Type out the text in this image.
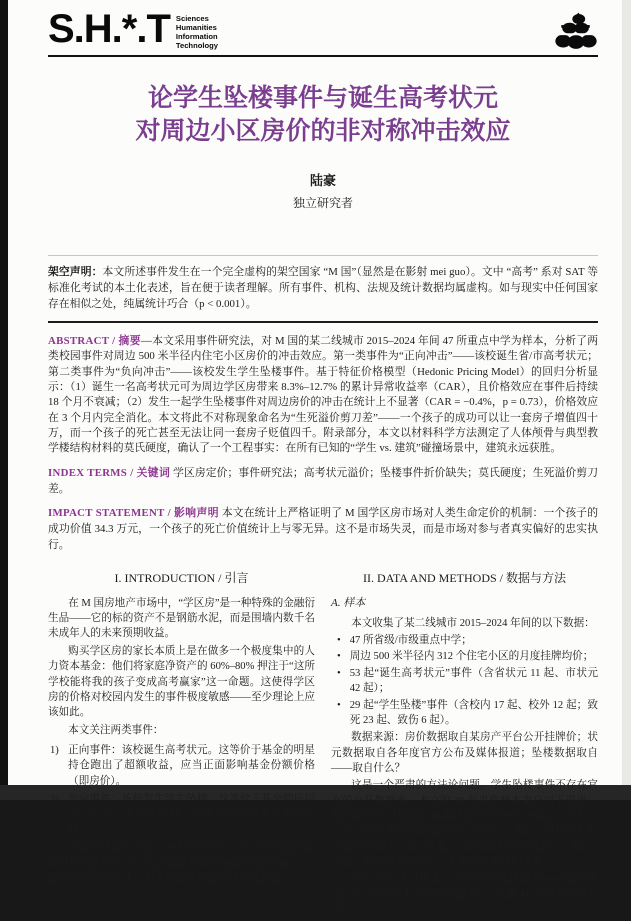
S.H.*.T Sciences
Humanities
Information
Technology
论学生坠楼事件与诞生高考状元
对周边小区房价的非对称冲击效应
陆豪
独立研究者

架空声明：本文所述事件发生在一个完全虚构的架空国家 “M 国”（显然是在影射 mei guo）。文中 “高考” 系对 SAT 等标准化考试的本土化表述，旨在便于读者理解。所有事件、机构、法规及统计数据均属虚构。如与现实中任何国家存在相似之处，纯属统计巧合（p < 0.001）。

ABSTRACT / 摘要—本文采用事件研究法，对 M 国的某二线城市 2015–2024 年间 47 所重点中学为样本，分析了两类校园事件对周边 500 米半径内住宅小区房价的冲击效应。第一类事件为“正向冲击”——该校诞生省/市高考状元；第二类事件为“负向冲击”——该校发生学生坠楼事件。基于特征价格模型（Hedonic Pricing Model）的回归分析显示：（1）诞生一名高考状元可为周边学区房带来 8.3%–12.7% 的累计异常收益率（CAR），且价格效应在事件后持续 18 个月不衰减；（2）发生一起学生坠楼事件对周边房价的冲击在统计上不显著（CAR = −0.4%，p = 0.73），价格效应在 3 个月内完全消化。本文将此不对称现象命名为“生死溢价剪刀差”——一个孩子的成功可以让一套房子增值四十万，而一个孩子的死亡甚至无法让同一套房子贬值四千。附录部分，本文以材料科学方法测定了人体颅骨与典型教学楼结构材料的莫氏硬度，确认了一个工程事实：在所有已知的“学生 vs. 建筑”碰撞场景中，建筑永远获胜。

INDEX TERMS / 关键词 学区房定价；事件研究法；高考状元溢价；坠楼事件折价缺失；莫氏硬度；生死溢价剪刀差。

IMPACT STATEMENT / 影响声明 本文在统计上严格证明了 M 国学区房市场对人类生命定价的机制：一个孩子的成功价值 34.3 万元，一个孩子的死亡价值统计上与零无异。这不是市场失灵，而是市场对参与者真实偏好的忠实执行。

I. INTRODUCTION / 引言

在 M 国房地产市场中，“学区房”是一种特殊的金融衍生品——它的标的资产不是钢筋水泥，而是围墙内数千名未成年人的未来预期收益。

购买学区房的家长本质上是在做多一个极度集中的人力资本基金：他们将家庭净资产的 60%–80% 押注于“这所学校能将我的孩子变成高考赢家”这一命题。这使得学区房的价格对校园内发生的事件极度敏感——至少理论上应该如此。

本文关注两类事件：

1) 正向事件：该校诞生高考状元。这等价于基金的明星持仓跑出了超额收益，应当正面影响基金份额价格（即房价）。
2) 负向事件：该校发生学生坠楼。这等价于基金的底层资产发生了永久性毁损，应当负面影响基金份额价格。

如果市场是有效的，两类事件应当产生方向相反但量级可比的价格冲击。实证结果表明市场确实是有效的，只是它有效的方式让人不太想继续相信有效市场假说。

II. DATA AND METHODS / 数据与方法
A. 样本

本文收集了某二线城市 2015–2024 年间的以下数据：

• 47 所省级/市级重点中学；
• 周边 500 米半径内 312 个住宅小区的月度挂牌均价；
• 53 起“诞生高考状元”事件（含省状元 11 起、市状元 42 起）；
• 29 起“学生坠楼”事件（含校内 17 起、校外 12 起；致死 23 起、致伤 6 起）。

数据来源：房价数据取自某房产平台公开挂牌价；状元数据取自各年度官方公布及媒体报道；坠楼数据取自——取自什么？

这是一个严肃的方法论问题。学生坠楼事件不存在官方的公开数据库。本文的 29 起事件样本来自以下渠道：地方媒体当日报道后被删除的网页快照（9 起）、家长在社交平台发布后被清理的帖子截图（7 起）、同校学生私下流传的聊天记录（8 起）、知情教师匿名提供（3 起）、以及 2 起足够轰动以至于未被完全删除的事件。

我们承认这一样本存在严重的选择偏差——确切地说，应命名为“未被删除者偏差”。根据 M 国青少年研究中心
